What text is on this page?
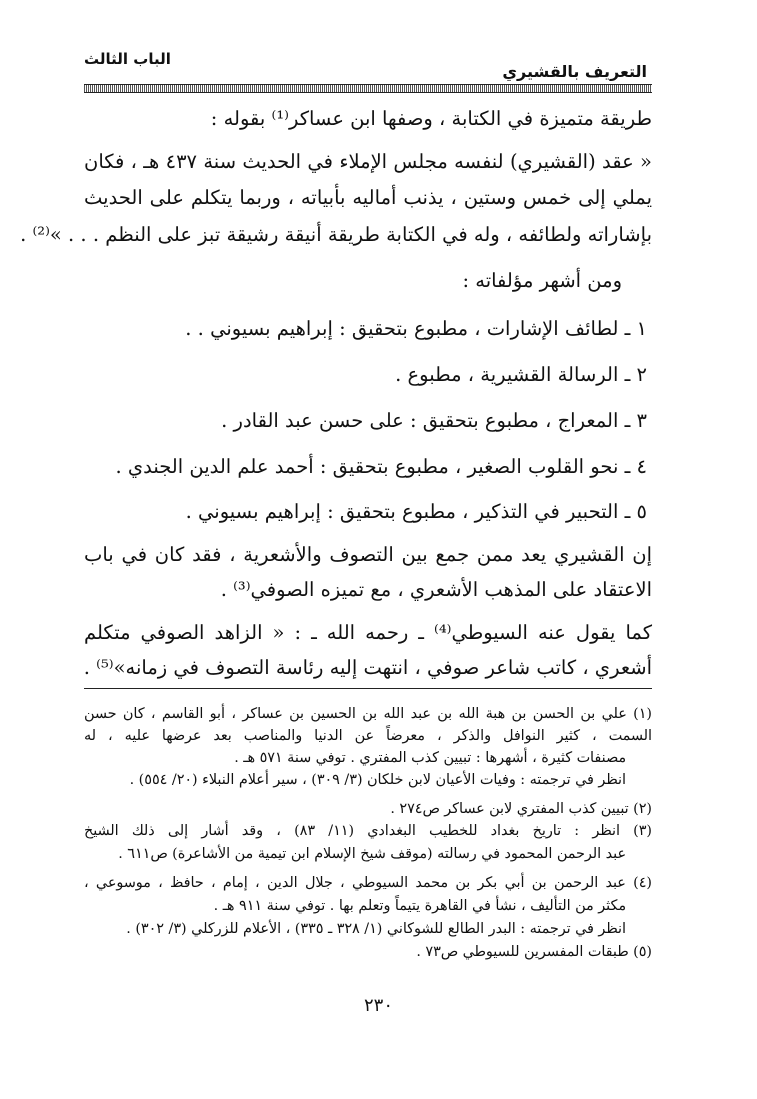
الباب الثالث
التعريف بالقشيري
طريقة متميزة في الكتابة ، وصفها ابن عساكر⁽¹⁾ بقوله :
« عقد (القشيري) لنفسه مجلس الإملاء في الحديث سنة ٤٣٧ هـ ، فكان
يملي إلى خمس وستين ، يذنب أماليه بأبياته ، وربما يتكلم على الحديث
بإشاراته ولطائفه ، وله في الكتابة طريقة أنيقة رشيقة تبز على النظم . . . »⁽²⁾ .
ومن أشهر مؤلفاته :
١ ـ لطائف الإشارات ، مطبوع بتحقيق : إبراهيم بسيوني . .
٢ ـ الرسالة القشيرية ، مطبوع .
٣ ـ المعراج ، مطبوع بتحقيق : على حسن عبد القادر .
٤ ـ نحو القلوب الصغير ، مطبوع بتحقيق : أحمد علم الدين الجندي .
٥ ـ التحبير في التذكير ، مطبوع بتحقيق : إبراهيم بسيوني .
إن القشيري يعد ممن جمع بين التصوف والأشعرية ، فقد كان في باب
الاعتقاد على المذهب الأشعري ، مع تميزه الصوفي⁽³⁾ .
كما يقول عنه السيوطي⁽⁴⁾ ـ رحمه الله ـ : « الزاهد الصوفي متكلم
أشعري ، كاتب شاعر صوفي ، انتهت إليه رئاسة التصوف في زمانه»⁽⁵⁾ .
(١) علي بن الحسن بن هبة الله بن عبد الله بن الحسين بن عساكر ، أبو القاسم ، كان حسن
السمت ، كثير النوافل والذكر ، معرضاً عن الدنيا والمناصب بعد عرضها عليه ، له
مصنفات كثيرة ، أشهرها : تبيين كذب المفتري . توفي سنة ٥٧١ هـ .
انظر في ترجمته : وفيات الأعيان لابن خلكان (٣/ ٣٠٩) ، سير أعلام النبلاء (٢٠/ ٥٥٤) .
(٢) تبيين كذب المفتري لابن عساكر ص٢٧٤ .
(٣) انظر : تاريخ بغداد للخطيب البغدادي (١١/ ٨٣) ، وقد أشار إلى ذلك الشيخ
عبد الرحمن المحمود في رسالته (موقف شيخ الإسلام ابن تيمية من الأشاعرة) ص٦١١ .
(٤) عبد الرحمن بن أبي بكر بن محمد السيوطي ، جلال الدين ، إمام ، حافظ ، موسوعي ،
مكثر من التأليف ، نشأ في القاهرة يتيماً وتعلم بها . توفي سنة ٩١١ هـ .
انظر في ترجمته : البدر الطالع للشوكاني (١/ ٣٢٨ ـ ٣٣٥) ، الأعلام للزركلي (٣/ ٣٠٢) .
(٥) طبقات المفسرين للسيوطي ص٧٣ .
٢٣٠
